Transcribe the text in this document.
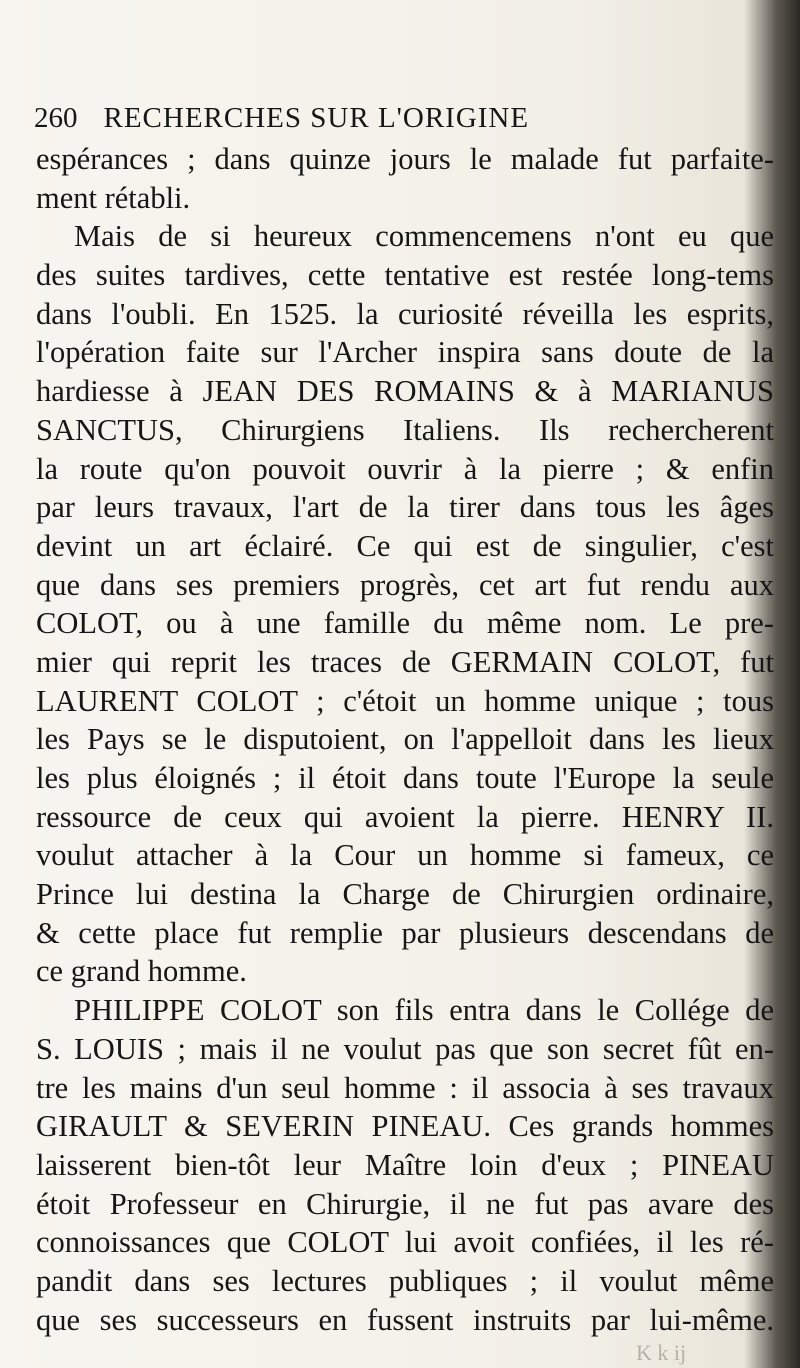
260 RECHERCHES SUR L'ORIGINE
espérances ; dans quinze jours le malade fut parfaite-
ment rétabli.
Mais de si heureux commencemens n'ont eu que
des suites tardives, cette tentative est restée long-tems
dans l'oubli. En 1525. la curiosité réveilla les esprits,
l'opération faite sur l'Archer inspira sans doute de la
hardiesse à JEAN DES ROMAINS & à MARIANUS
SANCTUS, Chirurgiens Italiens. Ils rechercherent
la route qu'on pouvoit ouvrir à la pierre ; & enfin
par leurs travaux, l'art de la tirer dans tous les âges
devint un art éclairé. Ce qui est de singulier, c'est
que dans ses premiers progrès, cet art fut rendu aux
COLOT, ou à une famille du même nom. Le pre-
mier qui reprit les traces de GERMAIN COLOT, fut
LAURENT COLOT ; c'étoit un homme unique ; tous
les Pays se le disputoient, on l'appelloit dans les lieux
les plus éloignés ; il étoit dans toute l'Europe la seule
ressource de ceux qui avoient la pierre. HENRY II.
voulut attacher à la Cour un homme si fameux, ce
Prince lui destina la Charge de Chirurgien ordinaire,
& cette place fut remplie par plusieurs descendans de
ce grand homme.
PHILIPPE COLOT son fils entra dans le Collége de
S. LOUIS ; mais il ne voulut pas que son secret fût en-
tre les mains d'un seul homme : il associa à ses travaux
GIRAULT & SEVERIN PINEAU. Ces grands hommes
laisserent bien-tôt leur Maître loin d'eux ; PINEAU
étoit Professeur en Chirurgie, il ne fut pas avare des
connoissances que COLOT lui avoit confiées, il les ré-
pandit dans ses lectures publiques ; il voulut même
que ses successeurs en fussent instruits par lui-même.
K k ij
